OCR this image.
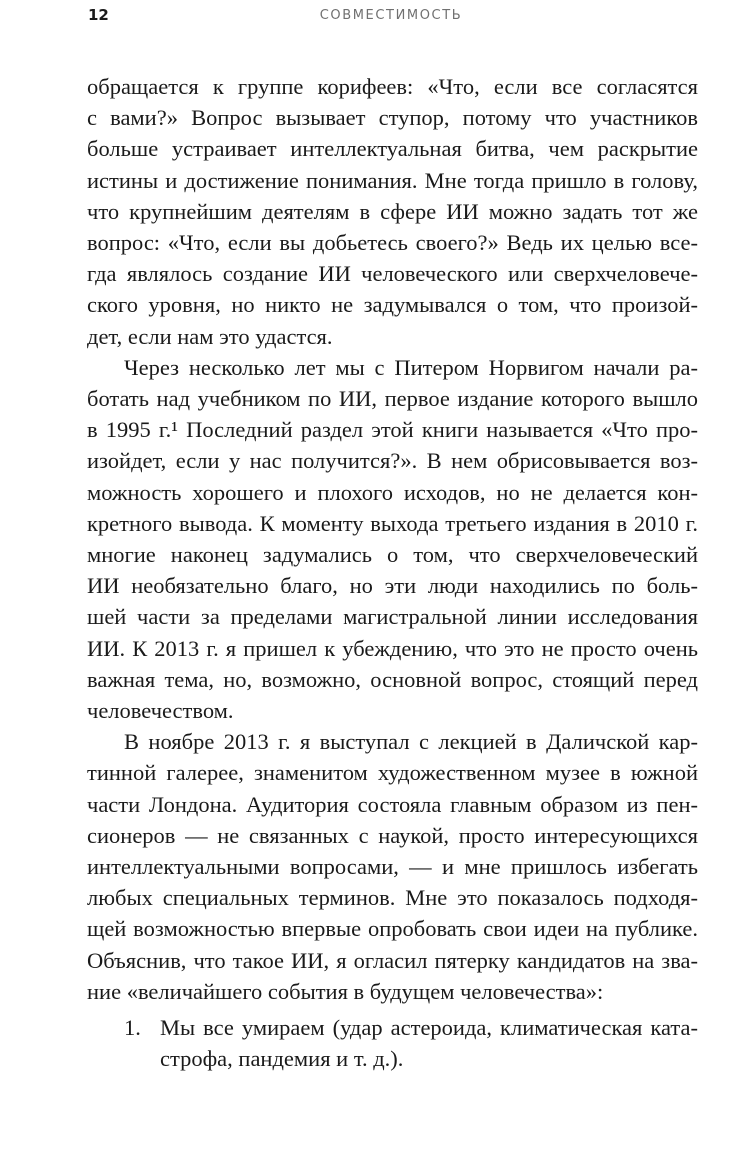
12	СОВМЕСТИМОСТЬ

обращается к группе корифеев: «Что, если все согласятся
с вами?» Вопрос вызывает ступор, потому что участников
больше устраивает интеллектуальная битва, чем раскрытие
истины и достижение понимания. Мне тогда пришло в голову,
что крупнейшим деятелям в сфере ИИ можно задать тот же
вопрос: «Что, если вы добьетесь своего?» Ведь их целью все-
гда являлось создание ИИ человеческого или сверхчеловече-
ского уровня, но никто не задумывался о том, что произой-
дет, если нам это удастся.

Через несколько лет мы с Питером Норвигом начали ра-
ботать над учебником по ИИ, первое издание которого вышло
в 1995 г.¹ Последний раздел этой книги называется «Что про-
изойдет, если у нас получится?». В нем обрисовывается воз-
можность хорошего и плохого исходов, но не делается кон-
кретного вывода. К моменту выхода третьего издания в 2010 г.
многие наконец задумались о том, что сверхчеловеческий
ИИ необязательно благо, но эти люди находились по боль-
шей части за пределами магистральной линии исследования
ИИ. К 2013 г. я пришел к убеждению, что это не просто очень
важная тема, но, возможно, основной вопрос, стоящий перед
человечеством.

В ноябре 2013 г. я выступал с лекцией в Даличской кар-
тинной галерее, знаменитом художественном музее в южной
части Лондона. Аудитория состояла главным образом из пен-
сионеров — не связанных с наукой, просто интересующихся
интеллектуальными вопросами, — и мне пришлось избегать
любых специальных терминов. Мне это показалось подходя-
щей возможностью впервые опробовать свои идеи на публике.
Объяснив, что такое ИИ, я огласил пятерку кандидатов на зва-
ние «величайшего события в будущем человечества»:

1. Мы все умираем (удар астероида, климатическая ката-
строфа, пандемия и т. д.).
